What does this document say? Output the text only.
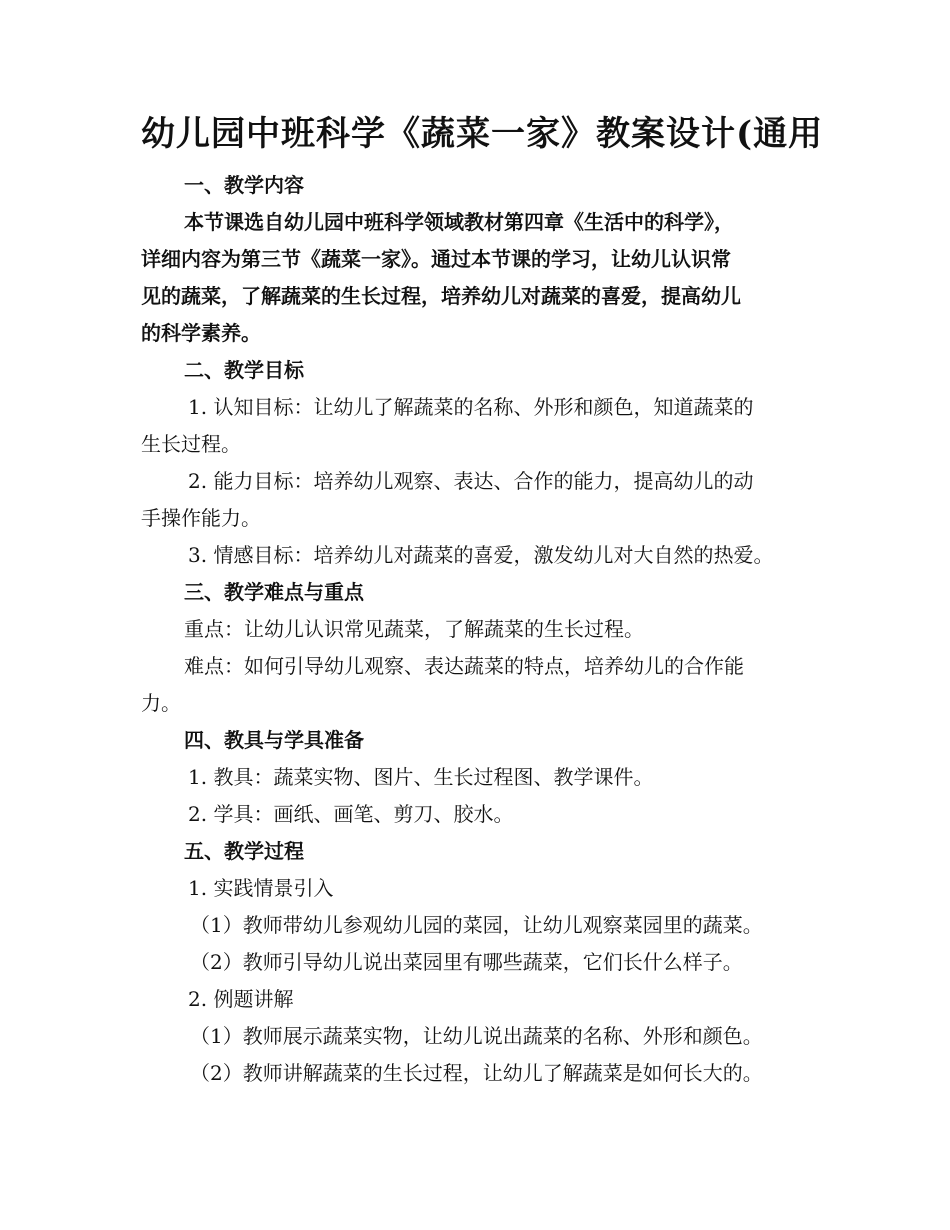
幼儿园中班科学《蔬菜一家》教案设计(通用
一、教学内容
本节课选自幼儿园中班科学领域教材第四章《生活中的科学》，
详细内容为第三节《蔬菜一家》。通过本节课的学习，让幼儿认识常
见的蔬菜，了解蔬菜的生长过程，培养幼儿对蔬菜的喜爱，提高幼儿
的科学素养。
二、教学目标
1. 认知目标：让幼儿了解蔬菜的名称、外形和颜色，知道蔬菜的
生长过程。
2. 能力目标：培养幼儿观察、表达、合作的能力，提高幼儿的动
手操作能力。
3. 情感目标：培养幼儿对蔬菜的喜爱，激发幼儿对大自然的热爱。
三、教学难点与重点
重点：让幼儿认识常见蔬菜，了解蔬菜的生长过程。
难点：如何引导幼儿观察、表达蔬菜的特点，培养幼儿的合作能
力。
四、教具与学具准备
1. 教具：蔬菜实物、图片、生长过程图、教学课件。
2. 学具：画纸、画笔、剪刀、胶水。
五、教学过程
1. 实践情景引入
（1）教师带幼儿参观幼儿园的菜园，让幼儿观察菜园里的蔬菜。
（2）教师引导幼儿说出菜园里有哪些蔬菜，它们长什么样子。
2. 例题讲解
（1）教师展示蔬菜实物，让幼儿说出蔬菜的名称、外形和颜色。
（2）教师讲解蔬菜的生长过程，让幼儿了解蔬菜是如何长大的。
